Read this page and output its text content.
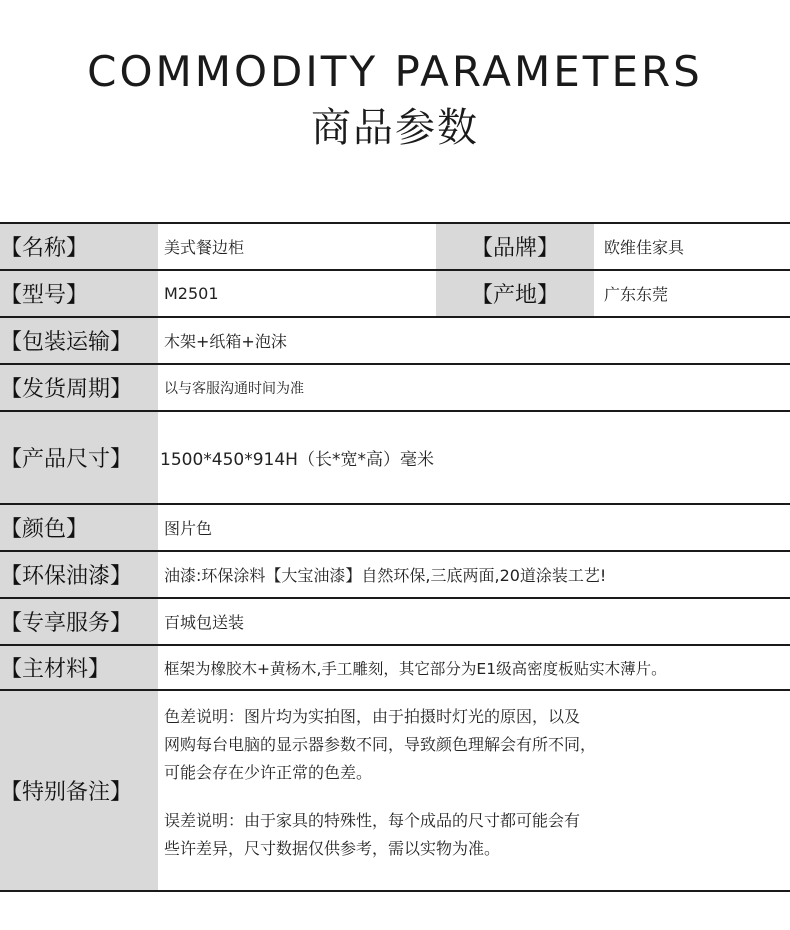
COMMODITY PARAMETERS
商品参数
【名称】	美式餐边柜	【品牌】	欧维佳家具
【型号】	M2501	【产地】	广东东莞
【包装运输】	木架+纸箱+泡沫
【发货周期】	以与客服沟通时间为准
【产品尺寸】	1500*450*914H（长*宽*高）毫米
【颜色】	图片色
【环保油漆】	油漆:环保涂料【大宝油漆】自然环保,三底两面,20道涂装工艺!
【专享服务】	百城包送装
【主材料】	框架为橡胶木+黄杨木,手工雕刻，其它部分为E1级高密度板贴实木薄片。
【特别备注】

色差说明：图片均为实拍图，由于拍摄时灯光的原因，以及

网购每台电脑的显示器参数不同，导致颜色理解会有所不同，

可能会存在少许正常的色差。

误差说明：由于家具的特殊性，每个成品的尺寸都可能会有

些许差异，尺寸数据仅供参考，需以实物为准。
